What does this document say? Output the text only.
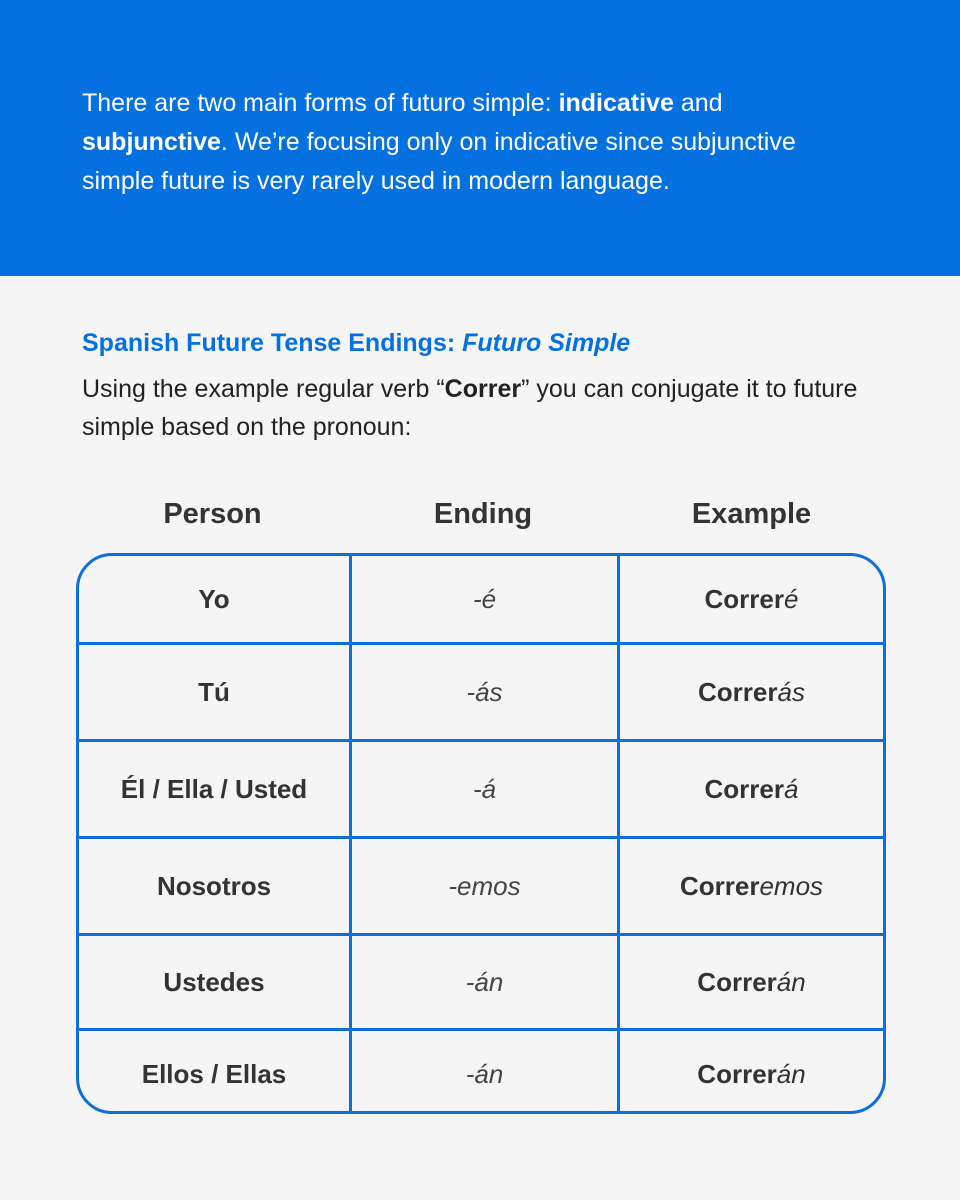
There are two main forms of futuro simple: indicative and subjunctive. We’re focusing only on indicative since subjunctive simple future is very rarely used in modern language.

Spanish Future Tense Endings: Futuro Simple

Using the example regular verb “Correr” you can conjugate it to future simple based on the pronoun:

Person	Ending	Example
Yo	-é	Correr é
Tú	-ás	Correr ás
Él / Ella / Usted	-á	Correr á
Nosotros	-emos	Correr emos
Ustedes	-án	Correr án
Ellos / Ellas	-án	Correr án
